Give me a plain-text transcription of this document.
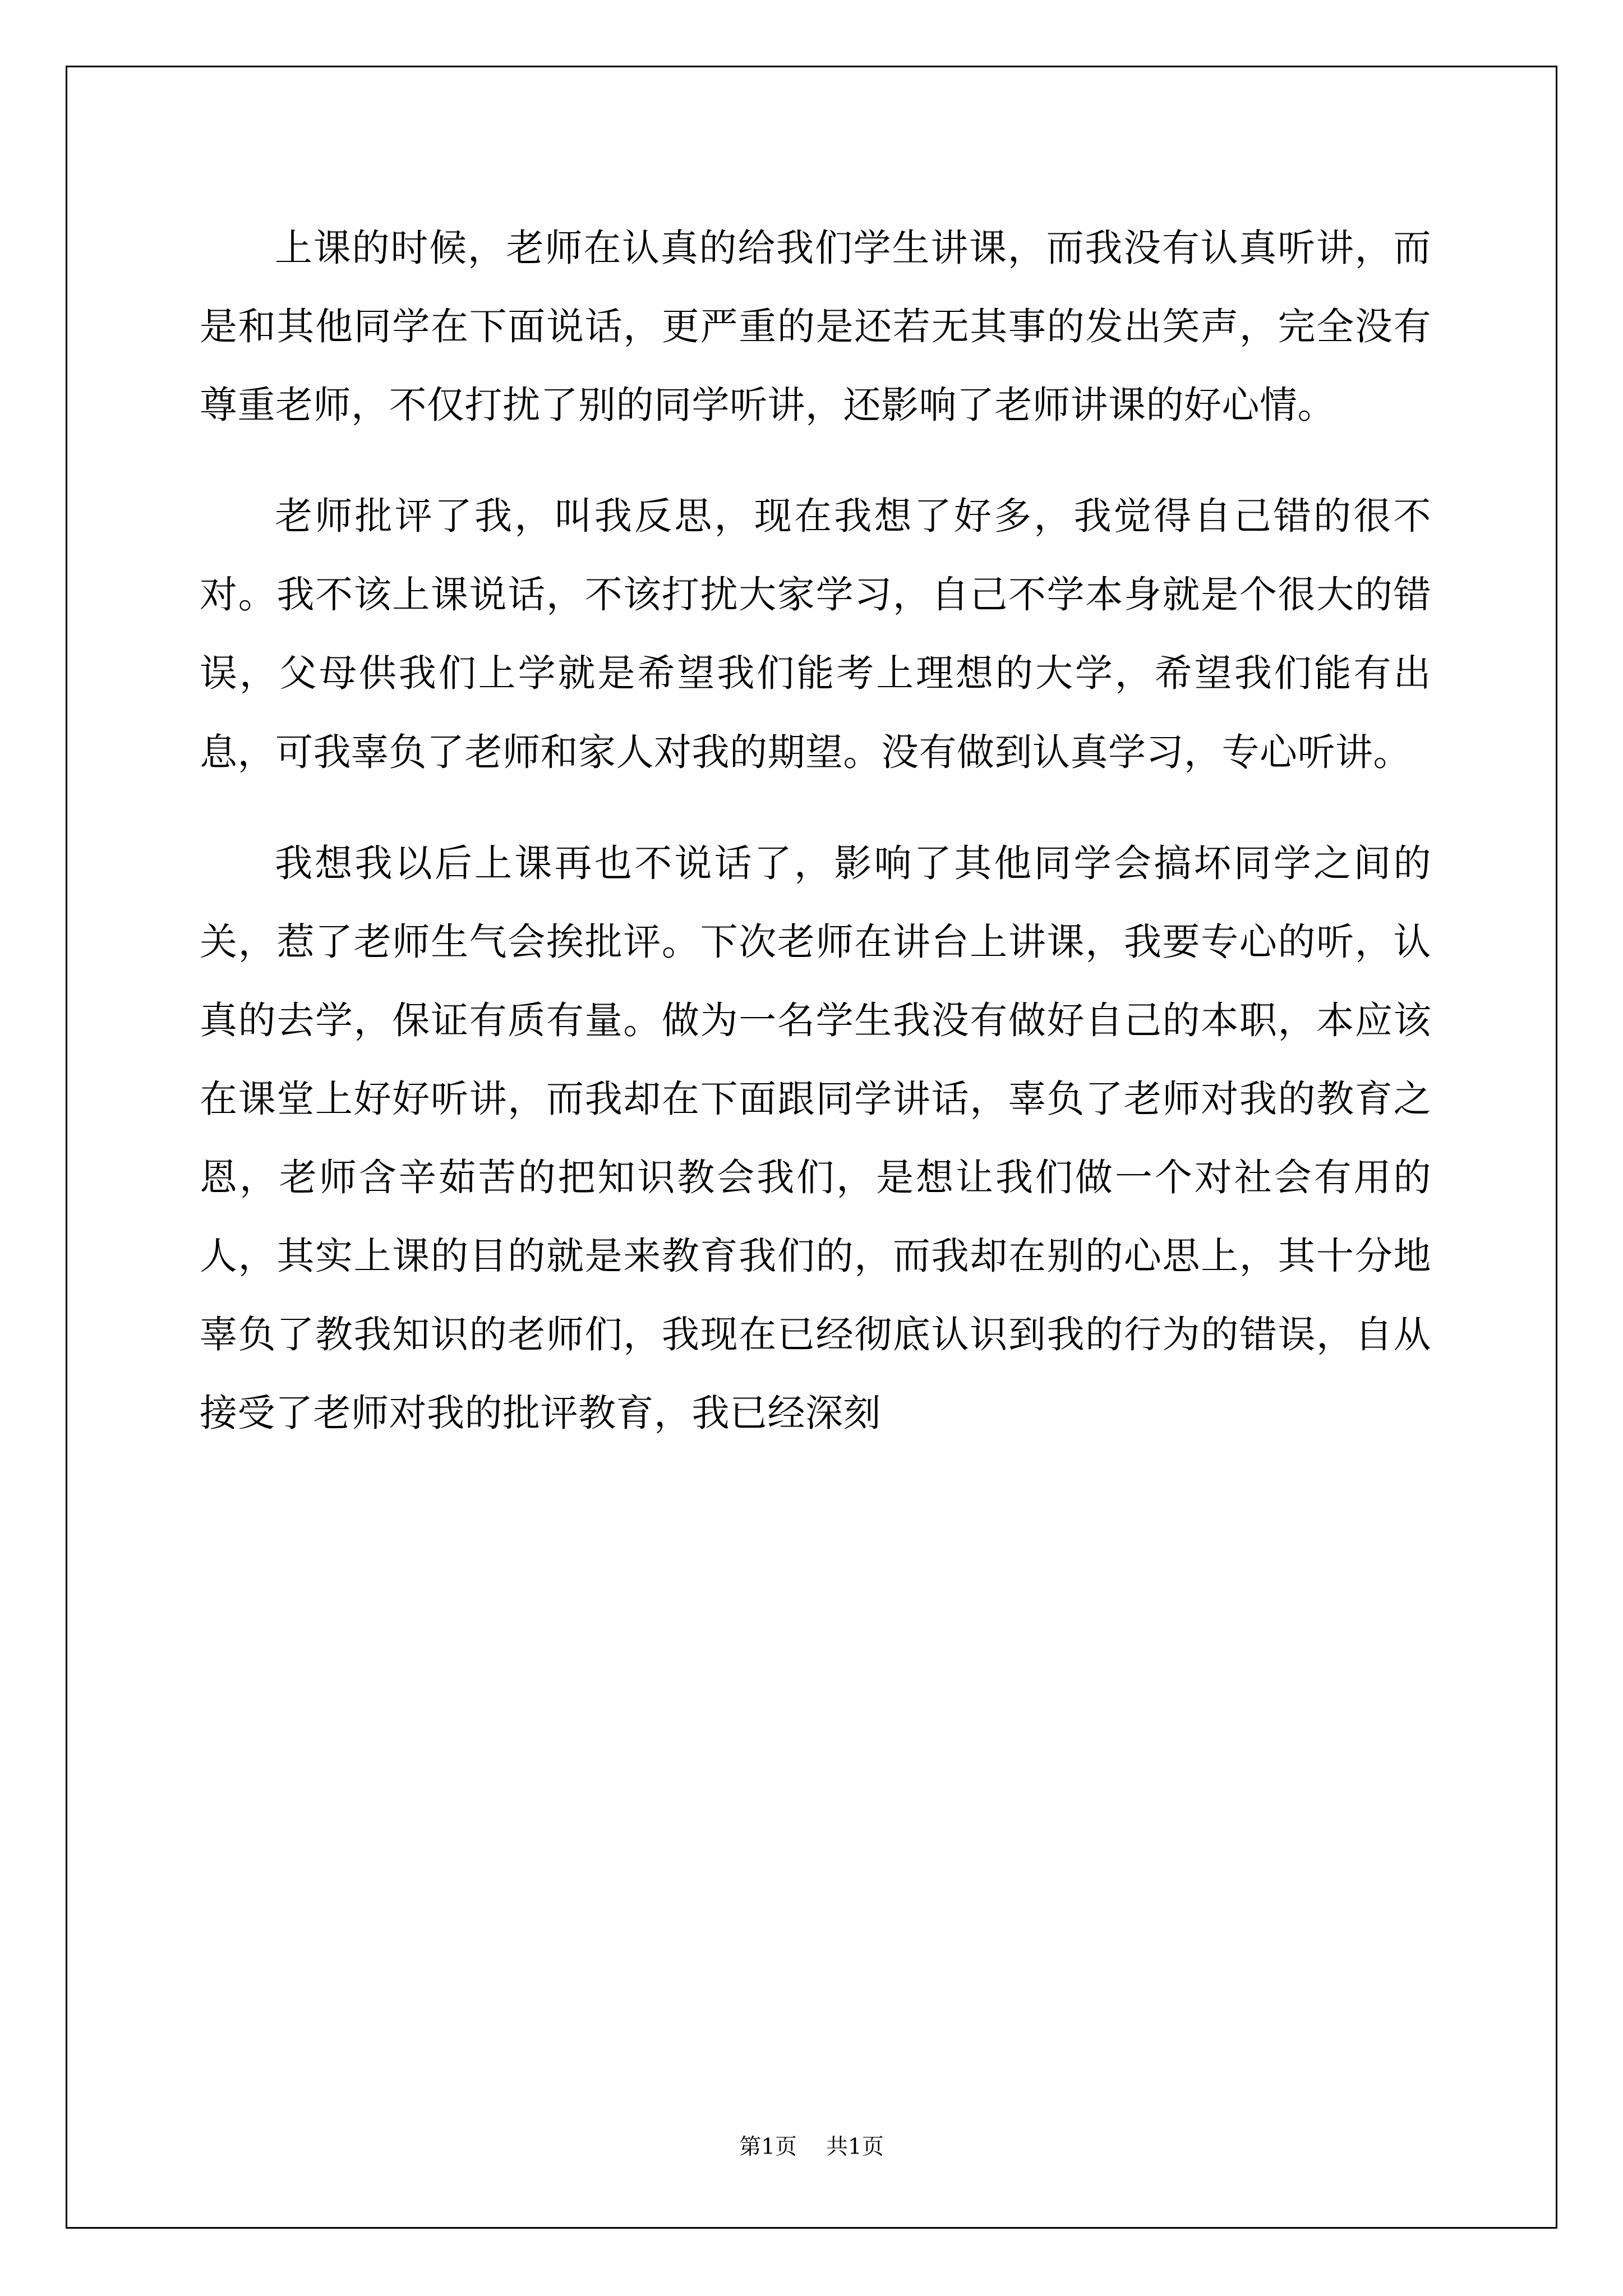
上课的时候，老师在认真的给我们学生讲课，而我没有认真听讲，而是和其他同学在下面说话，更严重的是还若无其事的发出笑声，完全没有尊重老师，不仅打扰了别的同学听讲，还影响了老师讲课的好心情。

老师批评了我，叫我反思，现在我想了好多，我觉得自己错的很不对。我不该上课说话，不该打扰大家学习，自己不学本身就是个很大的错误，父母供我们上学就是希望我们能考上理想的大学，希望我们能有出息，可我辜负了老师和家人对我的期望。没有做到认真学习，专心听讲。

我想我以后上课再也不说话了，影响了其他同学会搞坏同学之间的关，惹了老师生气会挨批评。下次老师在讲台上讲课，我要专心的听，认真的去学，保证有质有量。做为一名学生我没有做好自己的本职，本应该在课堂上好好听讲，而我却在下面跟同学讲话，辜负了老师对我的教育之恩，老师含辛茹苦的把知识教会我们，是想让我们做一个对社会有用的人，其实上课的目的就是来教育我们的，而我却在别的心思上，其十分地辜负了教我知识的老师们，我现在已经彻底认识到我的行为的错误，自从接受了老师对我的批评教育，我已经深刻

第1页 共1页
